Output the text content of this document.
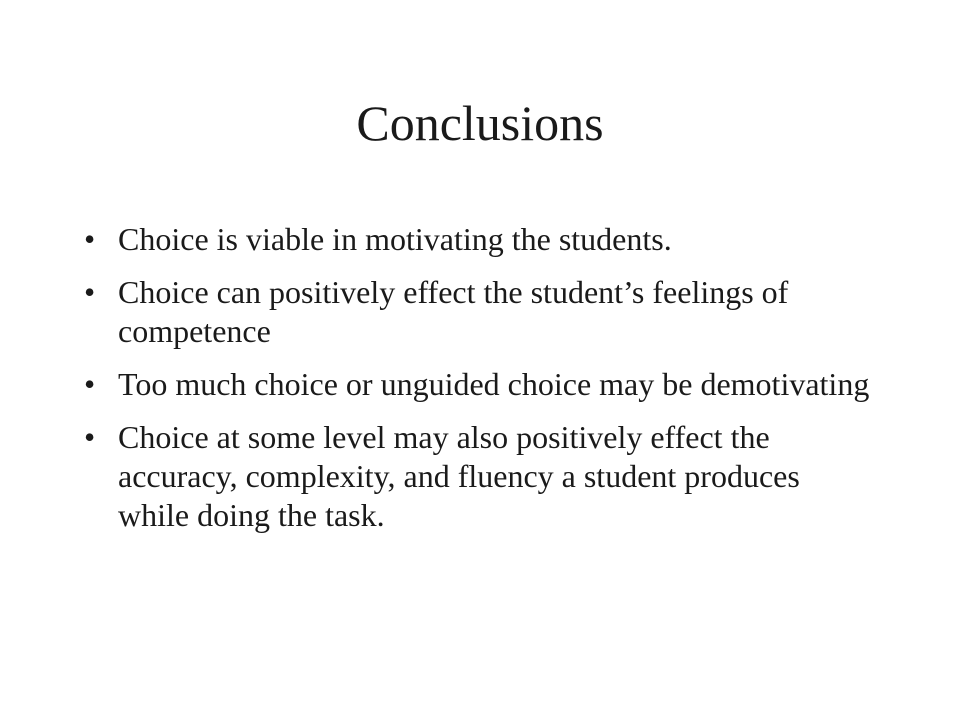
Conclusions
• Choice is viable in motivating the students.
• Choice can positively effect the student’s feelings of competence
• Too much choice or unguided choice may be demotivating
• Choice at some level may also positively effect the accuracy, complexity, and fluency a student produces while doing the task.
